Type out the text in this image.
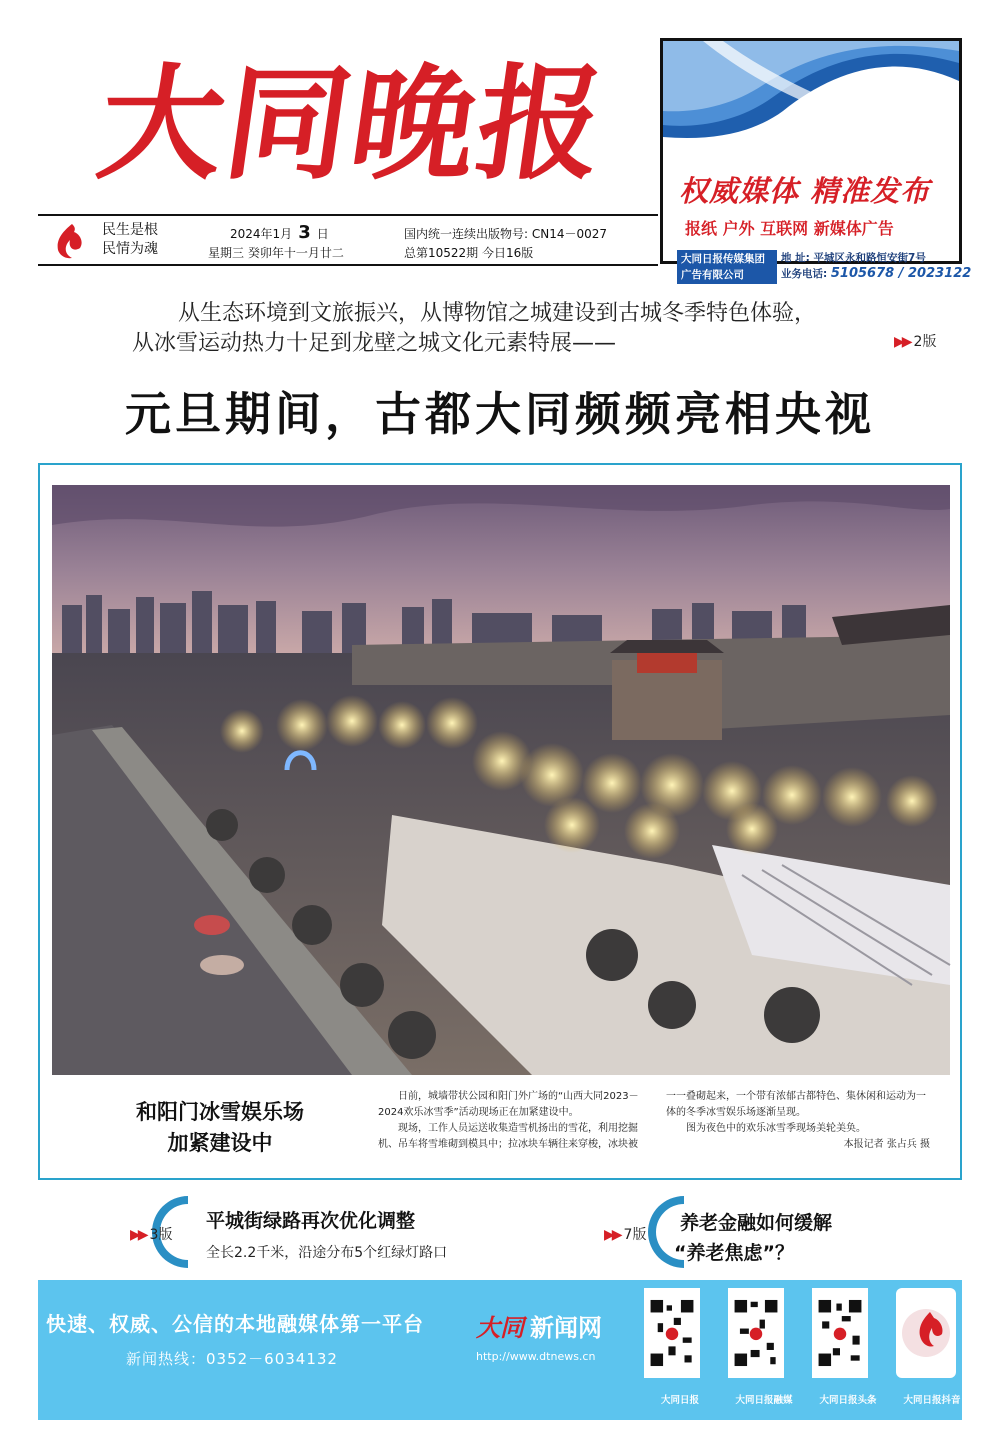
大同晚报	权威媒体 精准发布
报纸 户外 互联网 新媒体广告
大同日报传媒集团
广告有限公司
地 址: 平城区永和路恒安街7号
业务电话: 5105678 / 2023122
民生是根
民情为魂
2024年1月 3 日
星期三 癸卯年十一月廿二
国内统一连续出版物号: CN14－0027
总第10522期 今日16版
从生态环境到文旅振兴，从博物馆之城建设到古城冬季特色体验，
从冰雪运动热力十足到龙壁之城文化元素特展——	▶▶ 2版
元旦期间，古都大同频频亮相央视
和阳门冰雪娱乐场
加紧建设中

日前，城墙带状公园和阳门外广场的“山西大同2023－2024欢乐冰雪季”活动现场正在加紧建设中。

现场，工作人员运送收集造雪机扬出的雪花，利用挖掘机、吊车将雪堆砌到模具中；拉冰块车辆往来穿梭，冰块被一一叠砌起来，一个带有浓郁古都特色、集休闲和运动为一体的冬季冰雪娱乐场逐渐呈现。

图为夜色中的欢乐冰雪季现场美轮美奂。

本报记者 张占兵 摄
▶▶ 3版
平城街绿路再次优化调整
全长2.2千米，沿途分布5个红绿灯路口
▶▶ 7版
养老金融如何缓解
“养老焦虑”？
快速、权威、公信的本地融媒体第一平台
新闻热线：0352－6034132
大同 新闻网
http://www.dtnews.cn
大同日报	大同日报融媒	大同日报头条	大同日报抖音
